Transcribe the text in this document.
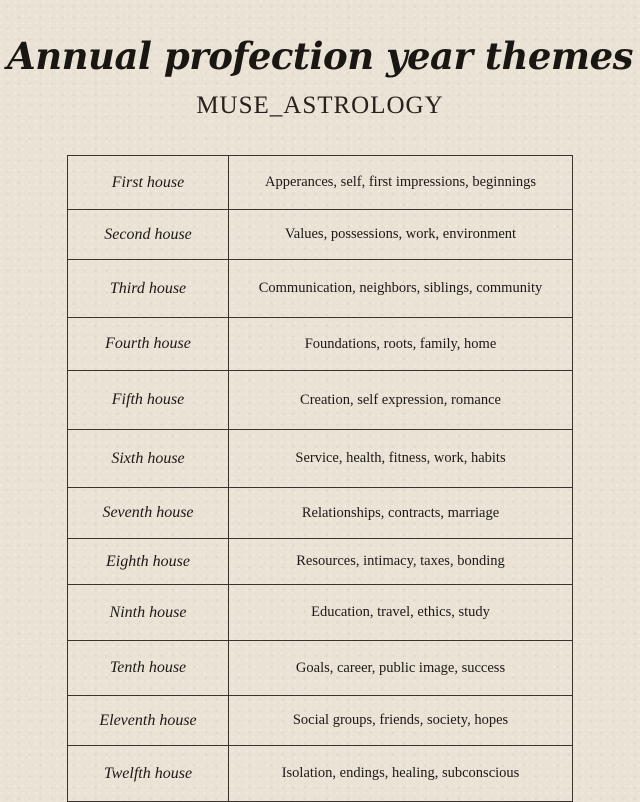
Annual profection year themes
MUSE_ASTROLOGY
First house	Apperances, self, first impressions, beginnings
Second house	Values, possessions, work, environment
Third house	Communication, neighbors, siblings, community
Fourth house	Foundations, roots, family, home
Fifth house	Creation, self expression, romance
Sixth house	Service, health, fitness, work, habits
Seventh house	Relationships, contracts, marriage
Eighth house	Resources, intimacy, taxes, bonding
Ninth house	Education, travel, ethics, study
Tenth house	Goals, career, public image, success
Eleventh house	Social groups, friends, society, hopes
Twelfth house	Isolation, endings, healing, subconscious
